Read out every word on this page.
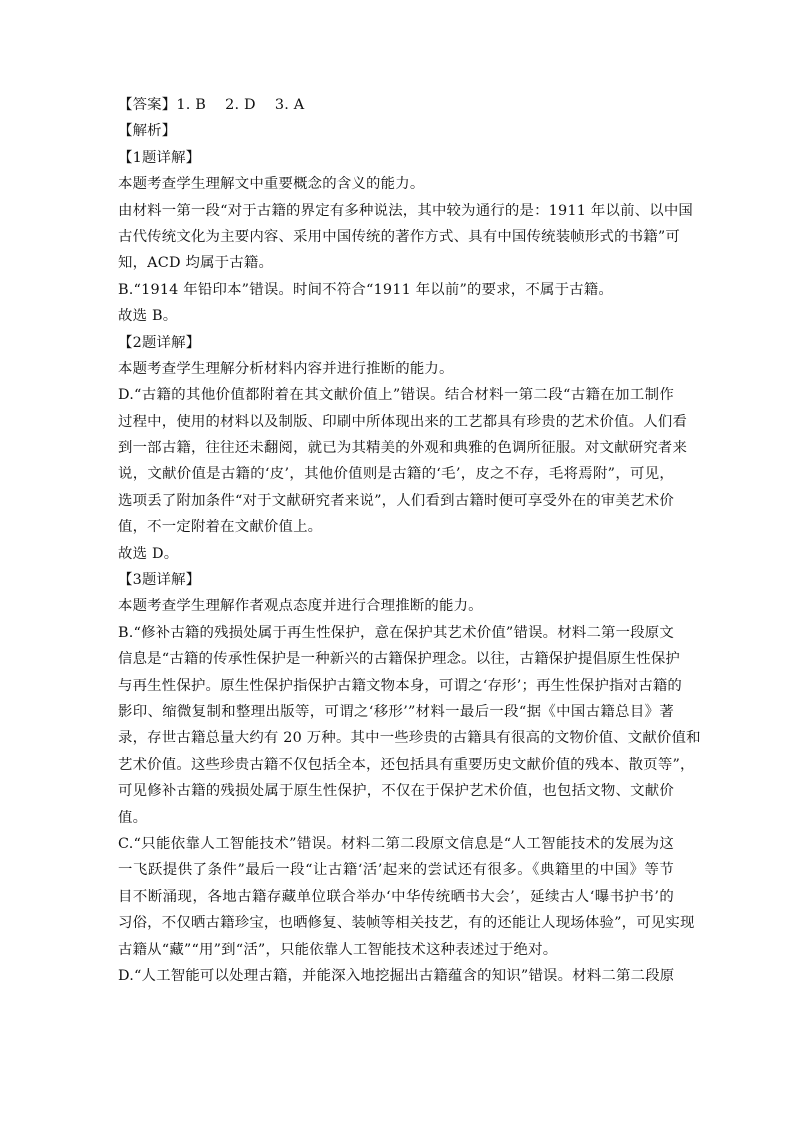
【答案】1. B    2. D    3. A
【解析】
【1题详解】
本题考查学生理解文中重要概念的含义的能力。
由材料一第一段“对于古籍的界定有多种说法，其中较为通行的是：1911 年以前、以中国
古代传统文化为主要内容、采用中国传统的著作方式、具有中国传统装帧形式的书籍”可
知，ACD 均属于古籍。
B.“1914 年铅印本”错误。时间不符合“1911 年以前”的要求，不属于古籍。
故选 B。
【2题详解】
本题考查学生理解分析材料内容并进行推断的能力。
D.“古籍的其他价值都附着在其文献价值上”错误。结合材料一第二段“古籍在加工制作
过程中，使用的材料以及制版、印刷中所体现出来的工艺都具有珍贵的艺术价值。人们看
到一部古籍，往往还未翻阅，就已为其精美的外观和典雅的色调所征服。对文献研究者来
说，文献价值是古籍的‘皮’，其他价值则是古籍的‘毛’，皮之不存，毛将焉附”，可见，
选项丢了附加条件“对于文献研究者来说”，人们看到古籍时便可享受外在的审美艺术价
值，不一定附着在文献价值上。
故选 D。
【3题详解】
本题考查学生理解作者观点态度并进行合理推断的能力。
B.“修补古籍的残损处属于再生性保护，意在保护其艺术价值”错误。材料二第一段原文
信息是“古籍的传承性保护是一种新兴的古籍保护理念。以往，古籍保护提倡原生性保护
与再生性保护。原生性保护指保护古籍文物本身，可谓之‘存形’；再生性保护指对古籍的
影印、缩微复制和整理出版等，可谓之‘移形’”材料一最后一段“据《中国古籍总目》著
录，存世古籍总量大约有 20 万种。其中一些珍贵的古籍具有很高的文物价值、文献价值和
艺术价值。这些珍贵古籍不仅包括全本，还包括具有重要历史文献价值的残本、散页等”，
可见修补古籍的残损处属于原生性保护，不仅在于保护艺术价值，也包括文物、文献价
值。
C.“只能依靠人工智能技术”错误。材料二第二段原文信息是“人工智能技术的发展为这
一飞跃提供了条件”最后一段“让古籍‘活’起来的尝试还有很多。《典籍里的中国》等节
目不断涌现，各地古籍存藏单位联合举办‘中华传统晒书大会’，延续古人‘曝书护书’的
习俗，不仅晒古籍珍宝，也晒修复、装帧等相关技艺，有的还能让人现场体验”，可见实现
古籍从“藏”“用”到“活”，只能依靠人工智能技术这种表述过于绝对。
D.“人工智能可以处理古籍，并能深入地挖掘出古籍蕴含的知识”错误。材料二第二段原
